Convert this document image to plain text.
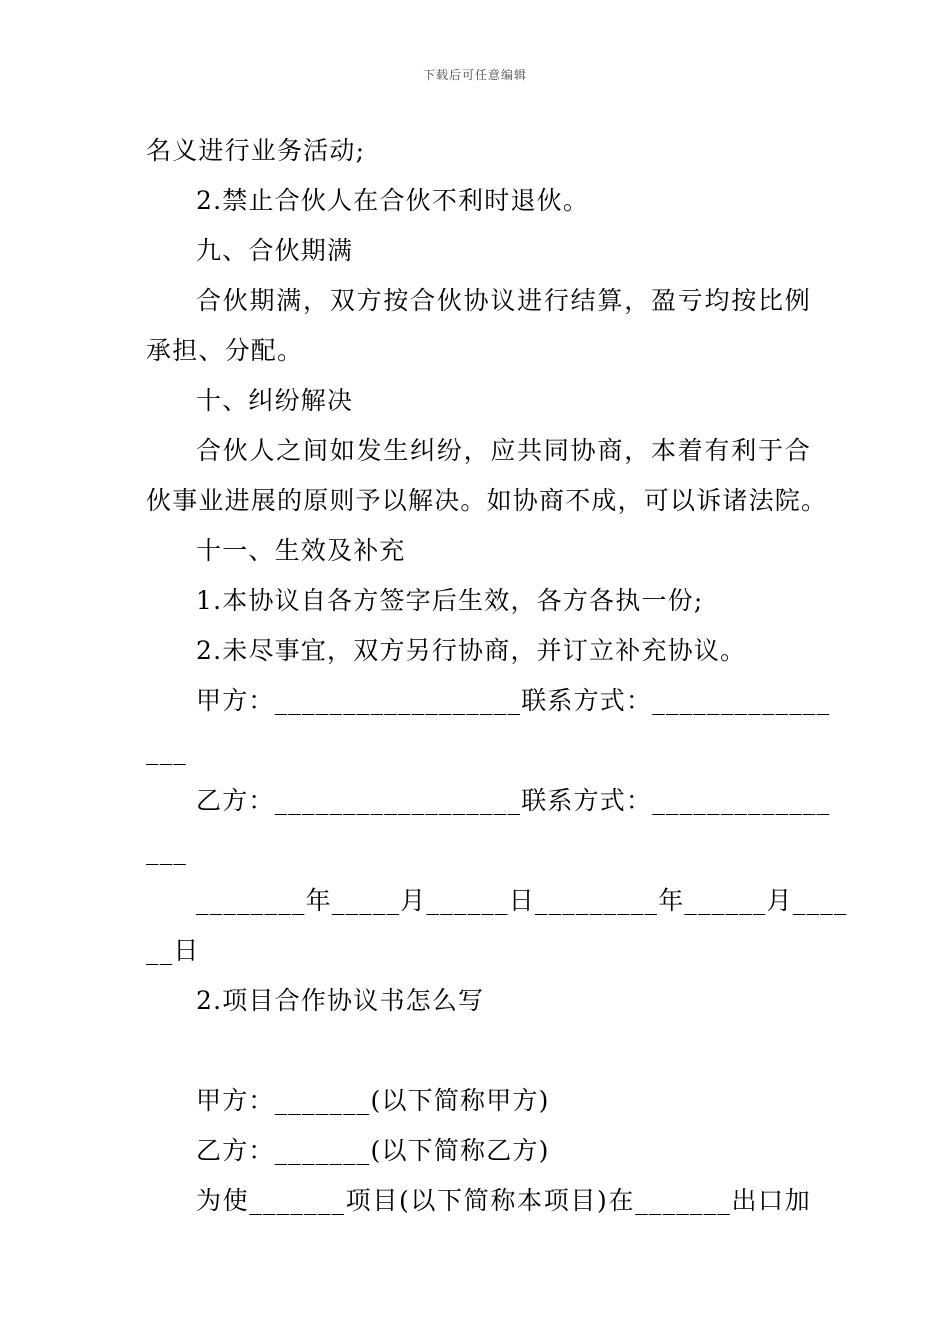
下载后可任意编辑
名义进行业务活动;
2.禁止合伙人在合伙不利时退伙。
九、合伙期满
合伙期满，双方按合伙协议进行结算，盈亏均按比例
承担、分配。
十、纠纷解决
合伙人之间如发生纠纷，应共同协商，本着有利于合
伙事业进展的原则予以解决。如协商不成，可以诉诸法院。
十一、生效及补充
1.本协议自各方签字后生效，各方各执一份;
2.未尽事宜，双方另行协商，并订立补充协议。
甲方：__________________联系方式：_____________
___
乙方：__________________联系方式：_____________
___
________年_____月______日_________年______月____
__日
2.项目合作协议书怎么写
甲方：_______(以下简称甲方)
乙方：_______(以下简称乙方)
为使_______项目(以下简称本项目)在_______出口加
